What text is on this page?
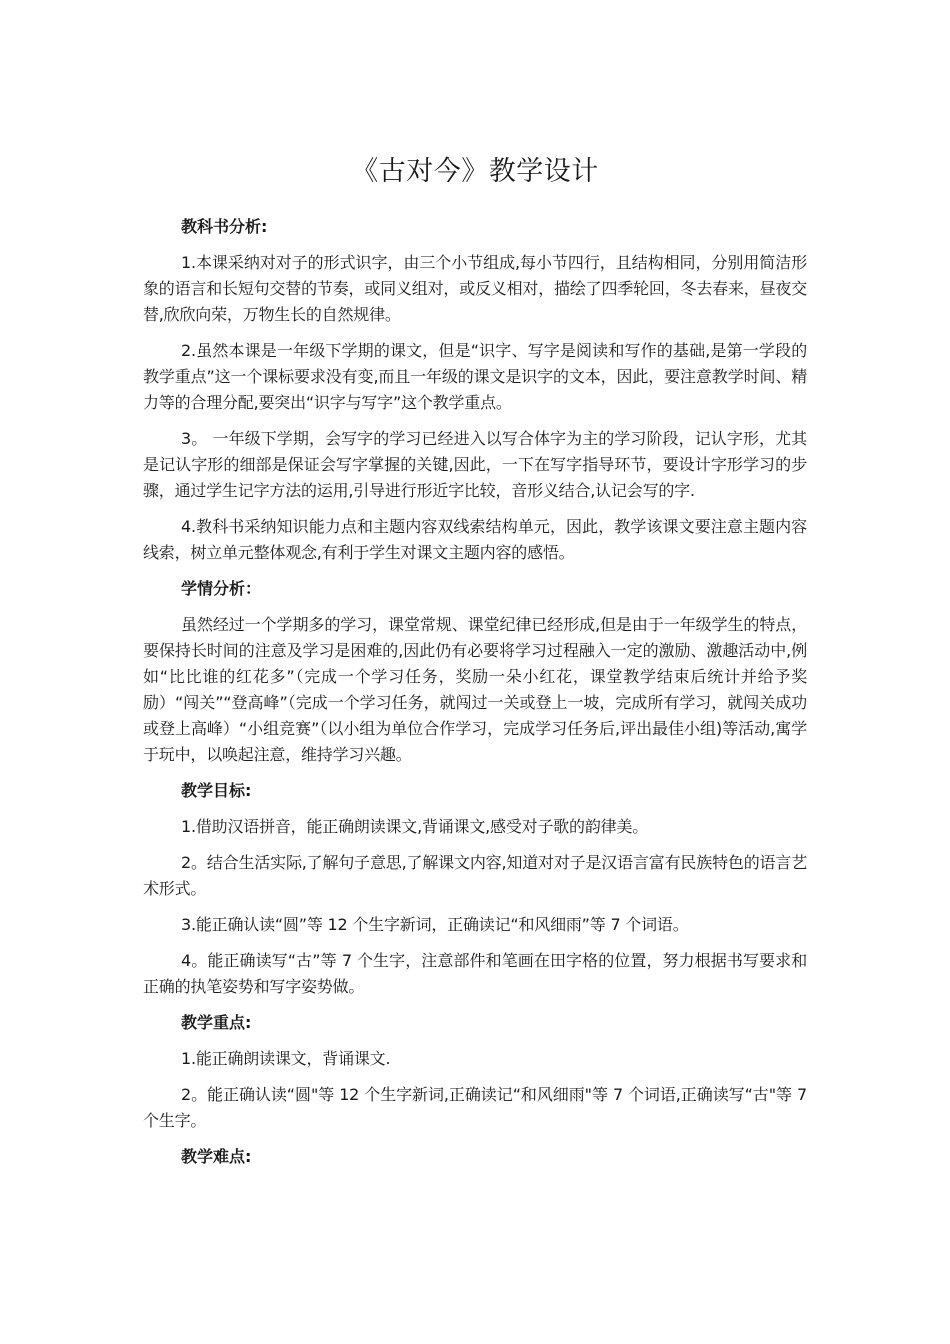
《古对今》教学设计

教科书分析:

1.本课采纳对对子的形式识字，由三个小节组成,每小节四行，且结构相同，分别用简洁形象的语言和长短句交替的节奏，或同义组对，或反义相对，描绘了四季轮回，冬去春来，昼夜交替,欣欣向荣，万物生长的自然规律。

2.虽然本课是一年级下学期的课文，但是“识字、写字是阅读和写作的基础,是第一学段的教学重点”这一个课标要求没有变,而且一年级的课文是识字的文本，因此，要注意教学时间、精力等的合理分配,要突出“识字与写字”这个教学重点。

3。 一年级下学期，会写字的学习已经进入以写合体字为主的学习阶段，记认字形，尤其是记认字形的细部是保证会写字掌握的关键,因此，一下在写字指导环节，要设计字形学习的步骤，通过学生记字方法的运用,引导进行形近字比较，音形义结合,认记会写的字.

4.教科书采纳知识能力点和主题内容双线索结构单元，因此，教学该课文要注意主题内容线索，树立单元整体观念,有利于学生对课文主题内容的感悟。

学情分析：

虽然经过一个学期多的学习，课堂常规、课堂纪律已经形成,但是由于一年级学生的特点，要保持长时间的注意及学习是困难的,因此仍有必要将学习过程融入一定的激励、激趣活动中,例如“比比谁的红花多”（完成一个学习任务，奖励一朵小红花，课堂教学结束后统计并给予奖励）“闯关”“登高峰”（完成一个学习任务，就闯过一关或登上一坡，完成所有学习，就闯关成功或登上高峰）“小组竞赛”（以小组为单位合作学习，完成学习任务后,评出最佳小组)等活动,寓学于玩中，以唤起注意，维持学习兴趣。

教学目标:

1.借助汉语拼音，能正确朗读课文,背诵课文,感受对子歌的韵律美。

2。结合生活实际,了解句子意思,了解课文内容,知道对对子是汉语言富有民族特色的语言艺术形式。

3.能正确认读“圆”等 12 个生字新词，正确读记“和风细雨”等 7 个词语。

4。能正确读写“古”等 7 个生字，注意部件和笔画在田字格的位置，努力根据书写要求和正确的执笔姿势和写字姿势做。

教学重点:

1.能正确朗读课文，背诵课文.

2。能正确认读“圆"等 12 个生字新词,正确读记“和风细雨"等 7 个词语,正确读写“古"等 7 个生字。

教学难点:
